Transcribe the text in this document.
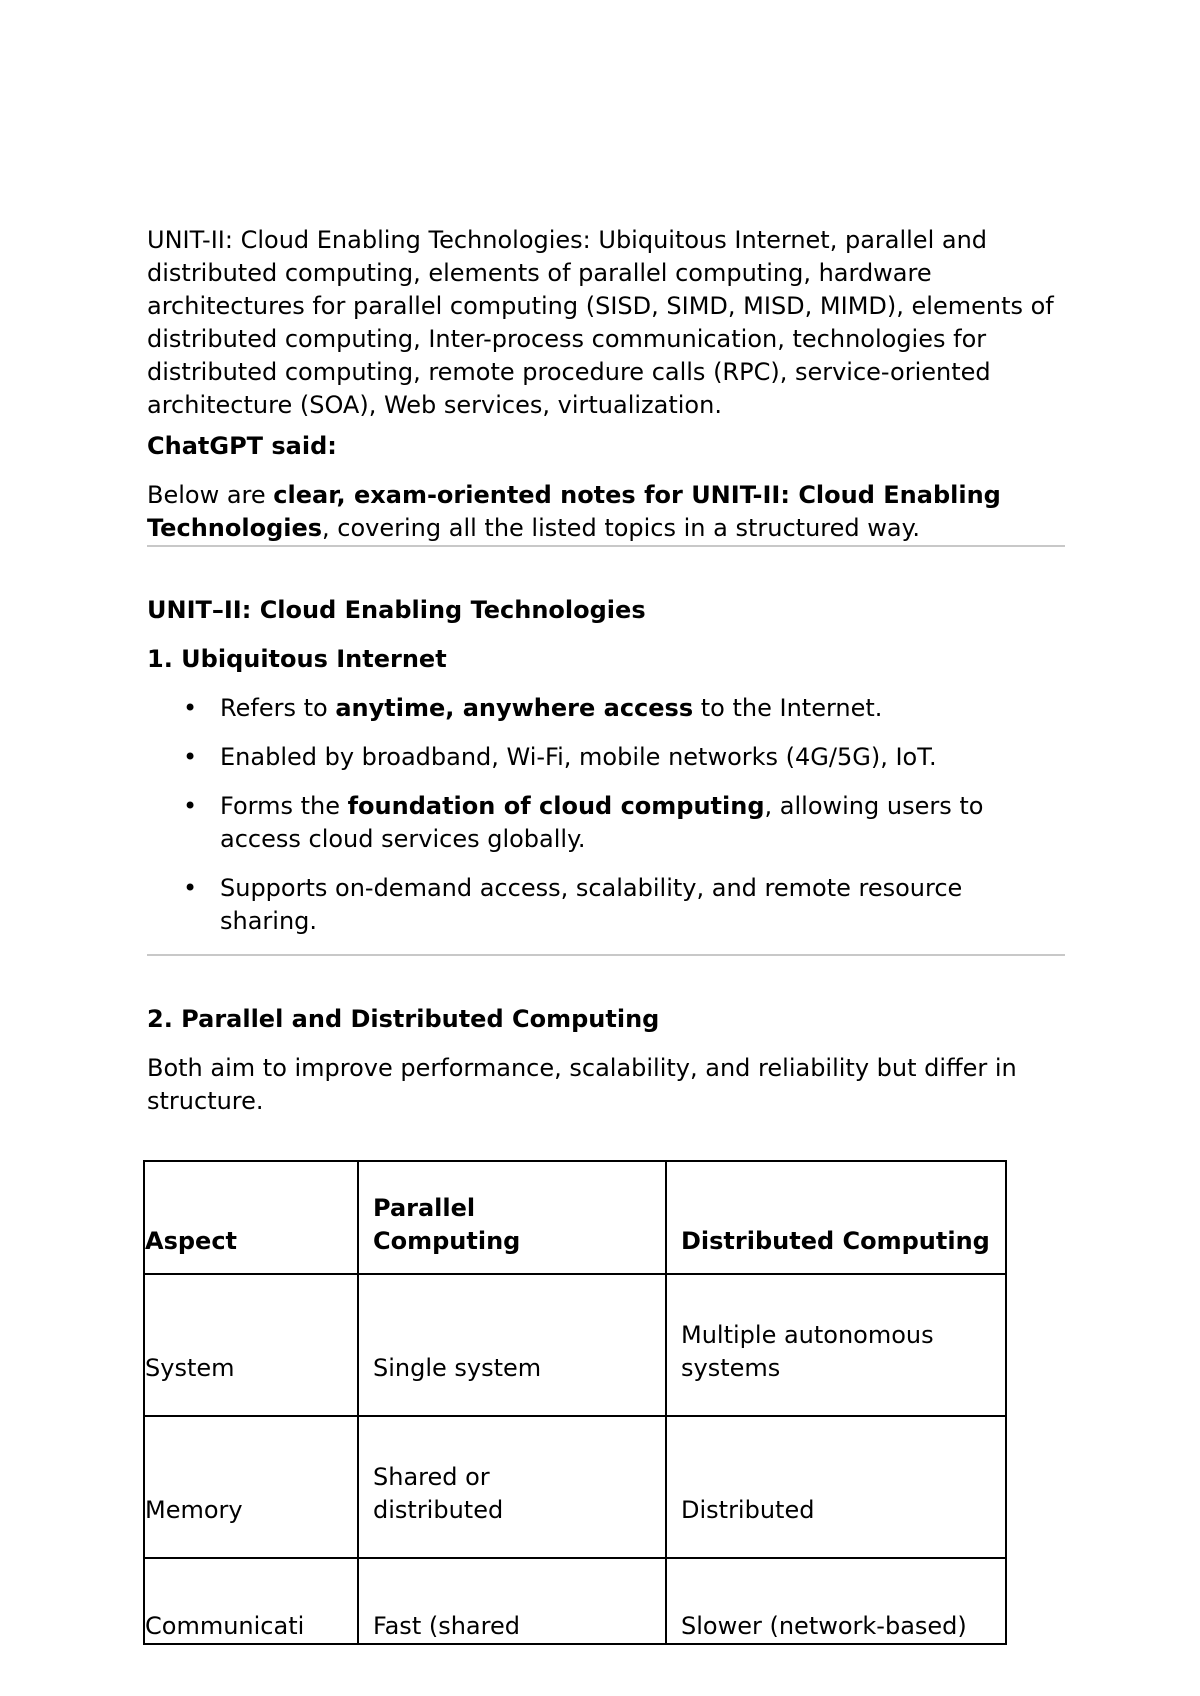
UNIT-II: Cloud Enabling Technologies: Ubiquitous Internet, parallel and distributed computing, elements of parallel computing, hardware architectures for parallel computing (SISD, SIMD, MISD, MIMD), elements of distributed computing, Inter-process communication, technologies for distributed computing, remote procedure calls (RPC), service-oriented architecture (SOA), Web services, virtualization.

ChatGPT said:

Below are clear, exam-oriented notes for UNIT-II: Cloud Enabling Technologies, covering all the listed topics in a structured way.

UNIT–II: Cloud Enabling Technologies

1. Ubiquitous Internet

• Refers to anytime, anywhere access to the Internet.
• Enabled by broadband, Wi-Fi, mobile networks (4G/5G), IoT.
• Forms the foundation of cloud computing, allowing users to access cloud services globally.
• Supports on-demand access, scalability, and remote resource sharing.

2. Parallel and Distributed Computing

Both aim to improve performance, scalability, and reliability but differ in structure.

Aspect	Parallel Computing	Distributed Computing

System	Single system	Multiple autonomous systems

Memory	Shared or distributed	Distributed

Communicati	Fast (shared	Slower (network-based)
